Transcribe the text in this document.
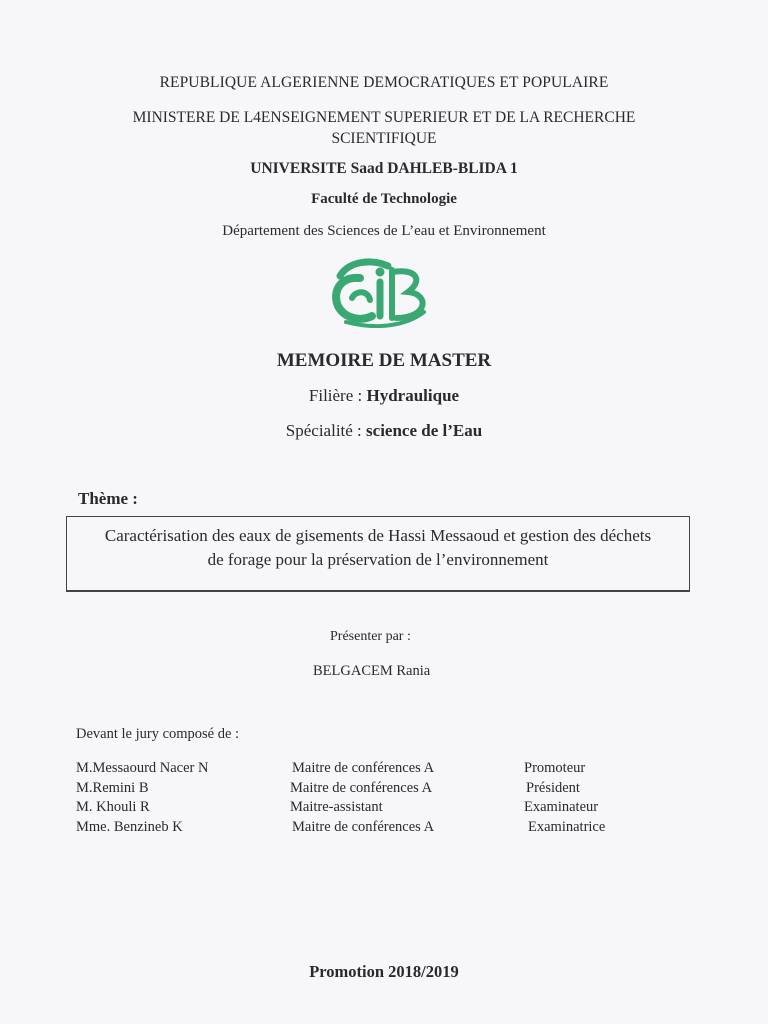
REPUBLIQUE ALGERIENNE DEMOCRATIQUES ET POPULAIRE
MINISTERE DE L4ENSEIGNEMENT SUPERIEUR ET DE LA RECHERCHE
SCIENTIFIQUE
UNIVERSITE Saad DAHLEB-BLIDA 1
Faculté de Technologie
Département des Sciences de L’eau et Environnement
MEMOIRE DE MASTER
Filière : Hydraulique
Spécialité : science de l’Eau
Thème :
Caractérisation des eaux de gisements de Hassi Messaoud et gestion des déchets
de forage pour la préservation de l’environnement
Présenter par :
BELGACEM Rania
Devant le jury composé de :
M.Messaourd Nacer N	Maitre de conférences A	Promoteur
M.Remini B	Maitre de conférences A	Président
M. Khouli R	Maitre-assistant	Examinateur
Mme. Benzineb K	Maitre de conférences A	Examinatrice
Promotion 2018/2019
